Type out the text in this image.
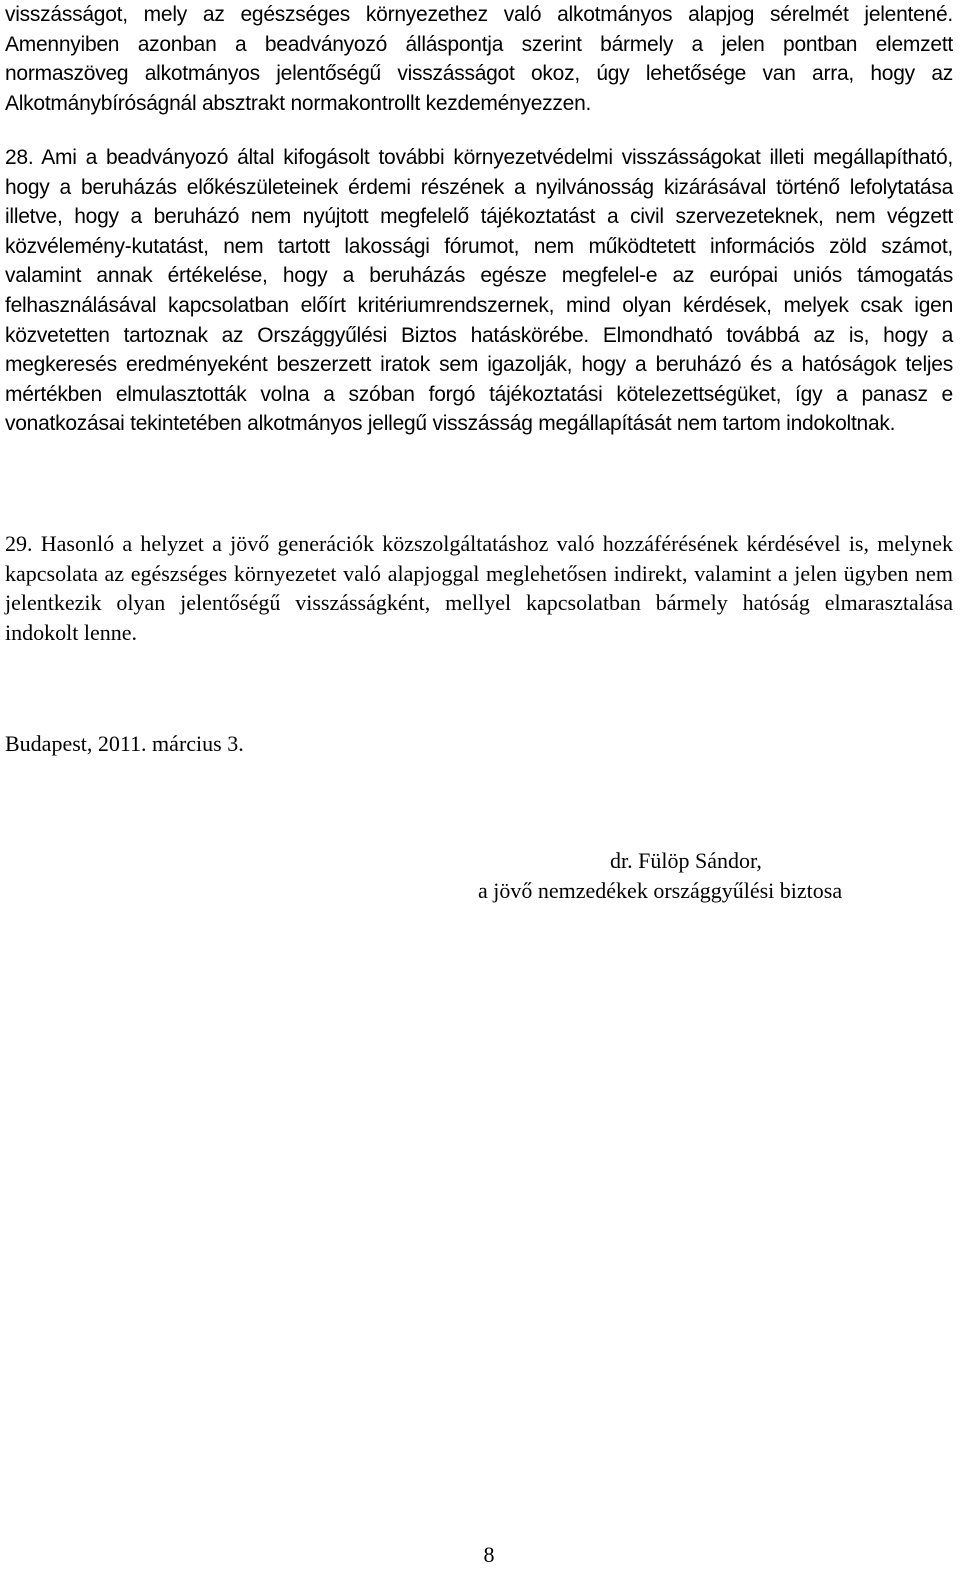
visszásságot, mely az egészséges környezethez való alkotmányos alapjog sérelmét jelentené. Amennyiben azonban a beadványozó álláspontja szerint bármely a jelen pontban elemzett normaszöveg alkotmányos jelentőségű visszásságot okoz, úgy lehetősége van arra, hogy az Alkotmánybíróságnál absztrakt normakontrollt kezdeményezzen.

28. Ami a beadványozó által kifogásolt további környezetvédelmi visszásságokat illeti megállapítható, hogy a beruházás előkészületeinek érdemi részének a nyilvánosság kizárásával történő lefolytatása illetve, hogy a beruházó nem nyújtott megfelelő tájékoztatást a civil szervezeteknek, nem végzett közvélemény-kutatást, nem tartott lakossági fórumot, nem működtetett információs zöld számot, valamint annak értékelése, hogy a beruházás egésze megfelel-e az európai uniós támogatás felhasználásával kapcsolatban előírt kritériumrendszernek, mind olyan kérdések, melyek csak igen közvetetten tartoznak az Országgyűlési Biztos hatáskörébe. Elmondható továbbá az is, hogy a megkeresés eredményeként beszerzett iratok sem igazolják, hogy a beruházó és a hatóságok teljes mértékben elmulasztották volna a szóban forgó tájékoztatási kötelezettségüket, így a panasz e vonatkozásai tekintetében alkotmányos jellegű visszásság megállapítását nem tartom indokoltnak.

29. Hasonló a helyzet a jövő generációk közszolgáltatáshoz való hozzáférésének kérdésével is, melynek kapcsolata az egészséges környezetet való alapjoggal meglehetősen indirekt, valamint a jelen ügyben nem jelentkezik olyan jelentőségű visszásságként, mellyel kapcsolatban bármely hatóság elmarasztalása indokolt lenne.

Budapest, 2011. március 3.

dr. Fülöp Sándor,
a jövő nemzedékek országgyűlési biztosa

8
